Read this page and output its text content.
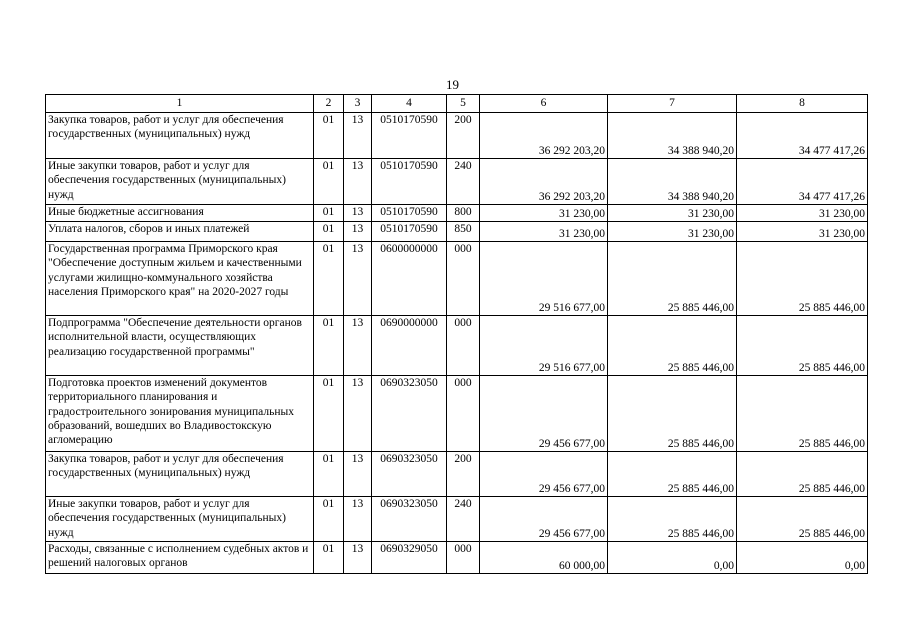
19
1	2	3	4	5	6	7	8
Закупка товаров, работ и услуг для обеспечения государственных (муниципальных) нужд	01	13	0510170590	200	36 292 203,20	34 388 940,20	34 477 417,26
Иные закупки товаров, работ и услуг для обеспечения государственных (муниципальных) нужд	01	13	0510170590	240	36 292 203,20	34 388 940,20	34 477 417,26
Иные бюджетные ассигнования	01	13	0510170590	800	31 230,00	31 230,00	31 230,00
Уплата налогов, сборов и иных платежей	01	13	0510170590	850	31 230,00	31 230,00	31 230,00
Государственная программа Приморского края "Обеспечение доступным жильем и качественными услугами жилищно-коммунального хозяйства населения Приморского края" на 2020-2027 годы	01	13	0600000000	000	29 516 677,00	25 885 446,00	25 885 446,00
Подпрограмма "Обеспечение деятельности органов исполнительной власти, осуществляющих реализацию государственной программы"	01	13	0690000000	000	29 516 677,00	25 885 446,00	25 885 446,00
Подготовка проектов изменений документов территориального планирования и градостроительного зонирования муниципальных образований, вошедших во Владивостокскую агломерацию	01	13	0690323050	000	29 456 677,00	25 885 446,00	25 885 446,00
Закупка товаров, работ и услуг для обеспечения государственных (муниципальных) нужд	01	13	0690323050	200	29 456 677,00	25 885 446,00	25 885 446,00
Иные закупки товаров, работ и услуг для обеспечения государственных (муниципальных) нужд	01	13	0690323050	240	29 456 677,00	25 885 446,00	25 885 446,00
Расходы, связанные с исполнением судебных актов и решений налоговых органов	01	13	0690329050	000	60 000,00	0,00	0,00
